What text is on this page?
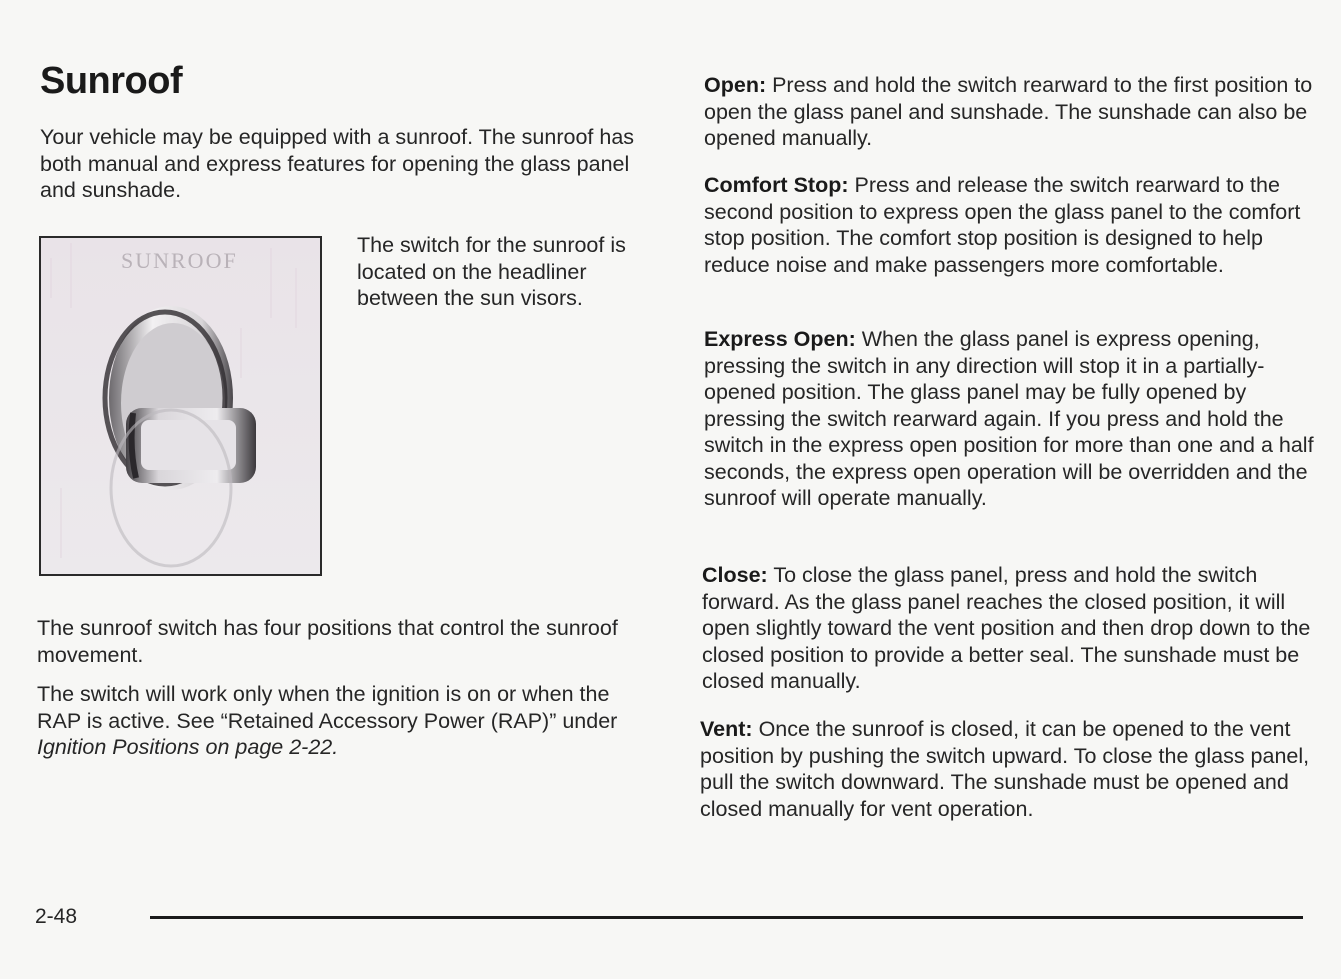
Sunroof
Your vehicle may be equipped with a sunroof. The sunroof has both manual and express features for opening the glass panel and sunshade.
SUNROOF
The switch for the sunroof is located on the headliner between the sun visors.
The sunroof switch has four positions that control the sunroof movement.
The switch will work only when the ignition is on or when the RAP is active. See “Retained Accessory Power (RAP)” under Ignition Positions on page 2-22.
Open: Press and hold the switch rearward to the first position to open the glass panel and sunshade. The sunshade can also be opened manually.
Comfort Stop: Press and release the switch rearward to the second position to express open the glass panel to the comfort stop position. The comfort stop position is designed to help reduce noise and make passengers more comfortable.
Express Open: When the glass panel is express opening, pressing the switch in any direction will stop it in a partially-opened position. The glass panel may be fully opened by pressing the switch rearward again. If you press and hold the switch in the express open position for more than one and a half seconds, the express open operation will be overridden and the sunroof will operate manually.
Close: To close the glass panel, press and hold the switch forward. As the glass panel reaches the closed position, it will open slightly toward the vent position and then drop down to the closed position to provide a better seal. The sunshade must be closed manually.
Vent: Once the sunroof is closed, it can be opened to the vent position by pushing the switch upward. To close the glass panel, pull the switch downward. The sunshade must be opened and closed manually for vent operation.
2-48
